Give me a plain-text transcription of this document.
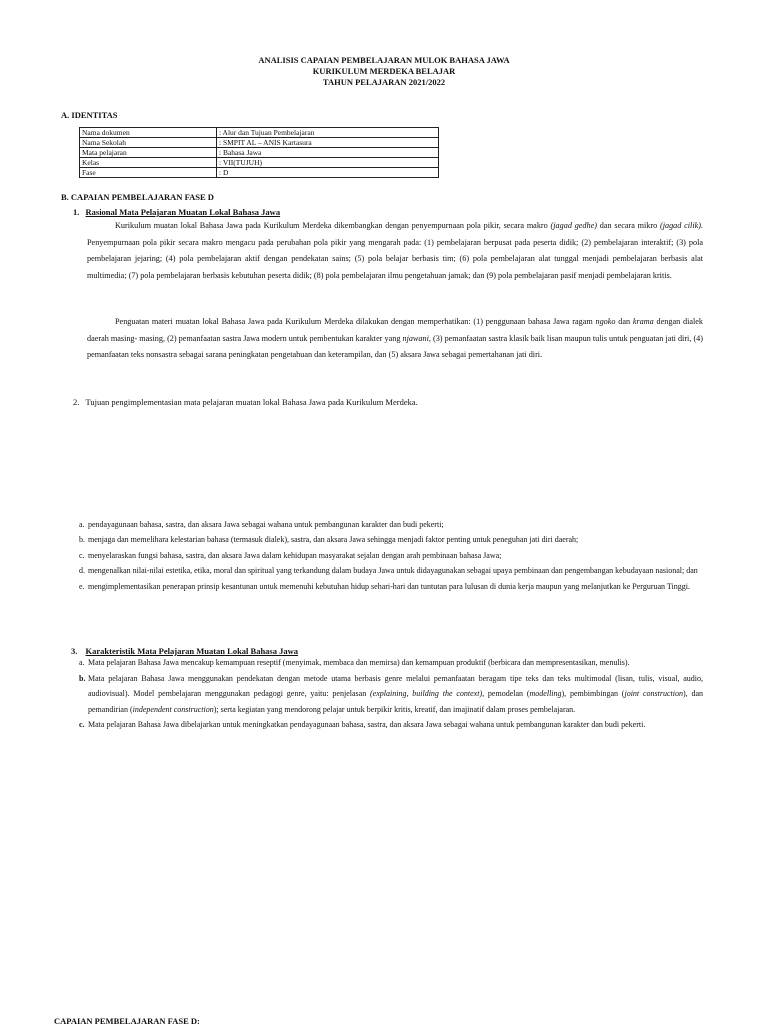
ANALISIS CAPAIAN PEMBELAJARAN MULOK BAHASA JAWA
KURIKULUM MERDEKA BELAJAR
TAHUN PELAJARAN 2021/2022
A. IDENTITAS
Nama dokumen	: Alur dan Tujuan Pembelajaran
Nama Sekolah	: SMPIT AL – ANIS Kartasura
Mata pelajaran	: Bahasa Jawa
Kelas	: VII(TUJUH)
Fase	: D
B. CAPAIAN PEMBELAJARAN FASE D
1. Rasional Mata Pelajaran Muatan Lokal Bahasa Jawa
Kurikulum muatan lokal Bahasa Jawa pada Kurikulum Merdeka dikembangkan dengan penyempurnaan pola pikir, secara makro (jagad gedhe) dan secara mikro (jagad cilik). Penyempurnaan pola pikir secara makro mengacu pada perubahan pola pikir yang mengarah pada: (1) pembelajaran berpusat pada peserta didik; (2) pembelajaran interaktif; (3) pola pembelajaran jejaring; (4) pola pembelajaran aktif dengan pendekatan sains; (5) pola belajar berbasis tim; (6) pola pembelajaran alat tunggal menjadi pembelajaran berbasis alat multimedia; (7) pola pembelajaran berbasis kebutuhan peserta didik; (8) pola pembelajaran ilmu pengetahuan jamak; dan (9) pola pembelajaran pasif menjadi pembelajaran kritis.
Penguatan materi muatan lokal Bahasa Jawa pada Kurikulum Merdeka dilakukan dengan memperhatikan: (1) penggunaan bahasa Jawa ragam ngoko dan krama dengan dialek daerah masing- masing, (2) pemanfaatan sastra Jawa modern untuk pembentukan karakter yang njawani, (3) pemanfaatan sastra klasik baik lisan maupun tulis untuk penguatan jati diri, (4) pemanfaatan teks nonsastra sebagai sarana peningkatan pengetahuan dan keterampilan, dan (5) aksara Jawa sebagai pemertahanan jati diri.
2. Tujuan pengimplementasian mata pelajaran muatan lokal Bahasa Jawa pada Kurikulum Merdeka.
a. pendayagunaan bahasa, sastra, dan aksara Jawa sebagai wahana untuk pembangunan karakter dan budi pekerti;
b. menjaga dan memelihara kelestarian bahasa (termasuk dialek), sastra, dan aksara Jawa sehingga menjadi faktor penting untuk peneguhan jati diri daerah;
c. menyelaraskan fungsi bahasa, sastra, dan aksara Jawa dalam kehidupan masyarakat sejalan dengan arah pembinaan bahasa Jawa;
d. mengenalkan nilai-nilai estetika, etika, moral dan spiritual yang terkandung dalam budaya Jawa untuk didayagunakan sebagai upaya pembinaan dan pengembangan kebudayaan nasional; dan
e. mengimplementasikan penerapan prinsip kesantunan untuk memenuhi kebutuhan hidup sehari-hari dan tuntutan para lulusan di dunia kerja maupun yang melanjutkan ke Perguruan Tinggi.
3. Karakteristik Mata Pelajaran Muatan Lokal Bahasa Jawa
a. Mata pelajaran Bahasa Jawa mencakup kemampuan reseptif (menyimak, membaca dan memirsa) dan kemampuan produktif (berbicara dan mempresentasikan, menulis).
b. Mata pelajaran Bahasa Jawa menggunakan pendekatan dengan metode utama berbasis genre melalui pemanfaatan beragam tipe teks dan teks multimodal (lisan, tulis, visual, audio, audiovisual). Model pembelajaran menggunakan pedagogi genre, yaitu: penjelasan (explaining, building the context), pemodelan (modelling), pembimbingan (joint construction), dan pemandirian (independent construction); serta kegiatan yang mendorong pelajar untuk berpikir kritis, kreatif, dan imajinatif dalam proses pembelajaran.
c. Mata pelajaran Bahasa Jawa dibelajarkan untuk meningkatkan pendayagunaan bahasa, sastra, dan aksara Jawa sebagai wahana untuk pembangunan karakter dan budi pekerti.
CAPAIAN PEMBELAJARAN FASE D:
